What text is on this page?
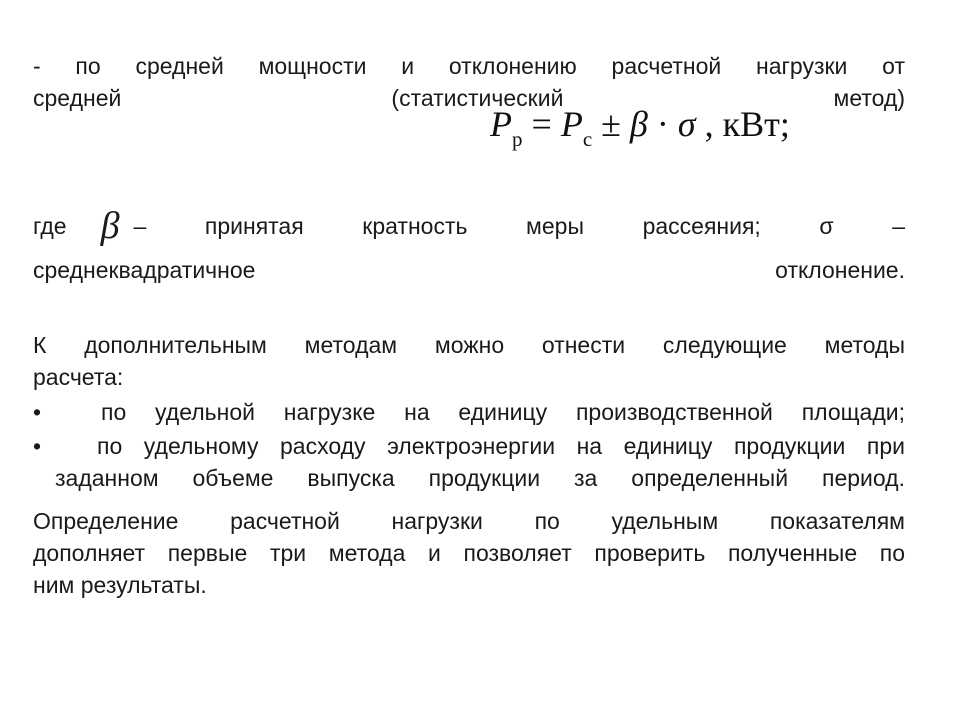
- по средней мощности и отклонению расчетной нагрузки от
средней (статистический метод)
$P_р = P_с \pm \beta \cdot \sigma$ , кВт;
где β – принятая кратность меры рассеяния; σ –
среднеквадратичное отклонение.
К дополнительным методам можно отнести следующие методы
расчета:
•	по удельной нагрузке на единицу производственной площади;
•	по удельному расходу электроэнергии на единицу продукции при
заданном объеме выпуска продукции за определенный период.
Определение расчетной нагрузки по удельным показателям
дополняет первые три метода и позволяет проверить полученные по
ним результаты.
